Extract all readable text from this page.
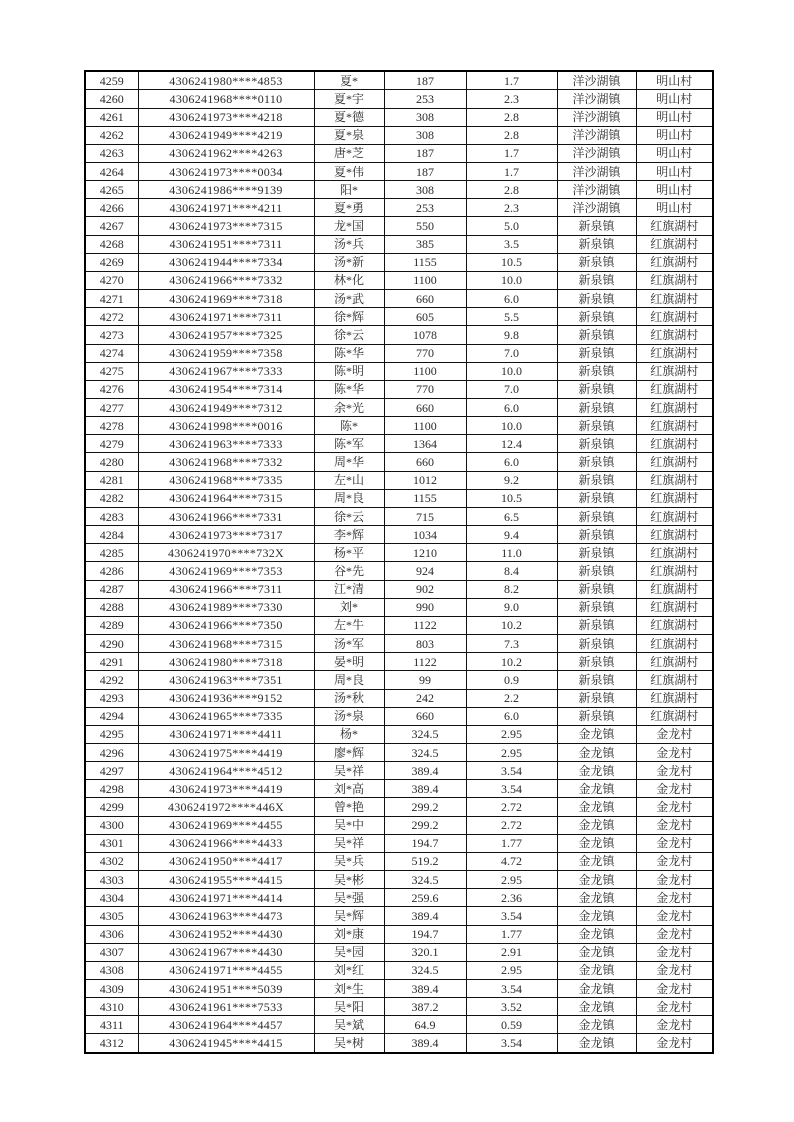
4259	4306241980****4853	夏*	187	1.7	洋沙湖镇	明山村
4260	4306241968****0110	夏*宇	253	2.3	洋沙湖镇	明山村
4261	4306241973****4218	夏*德	308	2.8	洋沙湖镇	明山村
4262	4306241949****4219	夏*泉	308	2.8	洋沙湖镇	明山村
4263	4306241962****4263	唐*芝	187	1.7	洋沙湖镇	明山村
4264	4306241973****0034	夏*伟	187	1.7	洋沙湖镇	明山村
4265	4306241986****9139	阳*	308	2.8	洋沙湖镇	明山村
4266	4306241971****4211	夏*勇	253	2.3	洋沙湖镇	明山村
4267	4306241973****7315	龙*国	550	5.0	新泉镇	红旗湖村
4268	4306241951****7311	汤*兵	385	3.5	新泉镇	红旗湖村
4269	4306241944****7334	汤*新	1155	10.5	新泉镇	红旗湖村
4270	4306241966****7332	林*化	1100	10.0	新泉镇	红旗湖村
4271	4306241969****7318	汤*武	660	6.0	新泉镇	红旗湖村
4272	4306241971****7311	徐*辉	605	5.5	新泉镇	红旗湖村
4273	4306241957****7325	徐*云	1078	9.8	新泉镇	红旗湖村
4274	4306241959****7358	陈*华	770	7.0	新泉镇	红旗湖村
4275	4306241967****7333	陈*明	1100	10.0	新泉镇	红旗湖村
4276	4306241954****7314	陈*华	770	7.0	新泉镇	红旗湖村
4277	4306241949****7312	余*光	660	6.0	新泉镇	红旗湖村
4278	4306241998****0016	陈*	1100	10.0	新泉镇	红旗湖村
4279	4306241963****7333	陈*军	1364	12.4	新泉镇	红旗湖村
4280	4306241968****7332	周*华	660	6.0	新泉镇	红旗湖村
4281	4306241968****7335	左*山	1012	9.2	新泉镇	红旗湖村
4282	4306241964****7315	周*良	1155	10.5	新泉镇	红旗湖村
4283	4306241966****7331	徐*云	715	6.5	新泉镇	红旗湖村
4284	4306241973****7317	李*辉	1034	9.4	新泉镇	红旗湖村
4285	4306241970****732X	杨*平	1210	11.0	新泉镇	红旗湖村
4286	4306241969****7353	谷*先	924	8.4	新泉镇	红旗湖村
4287	4306241966****7311	江*清	902	8.2	新泉镇	红旗湖村
4288	4306241989****7330	刘*	990	9.0	新泉镇	红旗湖村
4289	4306241966****7350	左*牛	1122	10.2	新泉镇	红旗湖村
4290	4306241968****7315	汤*军	803	7.3	新泉镇	红旗湖村
4291	4306241980****7318	晏*明	1122	10.2	新泉镇	红旗湖村
4292	4306241963****7351	周*良	99	0.9	新泉镇	红旗湖村
4293	4306241936****9152	汤*秋	242	2.2	新泉镇	红旗湖村
4294	4306241965****7335	汤*泉	660	6.0	新泉镇	红旗湖村
4295	4306241971****4411	杨*	324.5	2.95	金龙镇	金龙村
4296	4306241975****4419	廖*辉	324.5	2.95	金龙镇	金龙村
4297	4306241964****4512	吴*祥	389.4	3.54	金龙镇	金龙村
4298	4306241973****4419	刘*高	389.4	3.54	金龙镇	金龙村
4299	4306241972****446X	曾*艳	299.2	2.72	金龙镇	金龙村
4300	4306241969****4455	吴*中	299.2	2.72	金龙镇	金龙村
4301	4306241966****4433	吴*祥	194.7	1.77	金龙镇	金龙村
4302	4306241950****4417	吴*兵	519.2	4.72	金龙镇	金龙村
4303	4306241955****4415	吴*彬	324.5	2.95	金龙镇	金龙村
4304	4306241971****4414	吴*强	259.6	2.36	金龙镇	金龙村
4305	4306241963****4473	吴*辉	389.4	3.54	金龙镇	金龙村
4306	4306241952****4430	刘*康	194.7	1.77	金龙镇	金龙村
4307	4306241967****4430	吴*园	320.1	2.91	金龙镇	金龙村
4308	4306241971****4455	刘*红	324.5	2.95	金龙镇	金龙村
4309	4306241951****5039	刘*生	389.4	3.54	金龙镇	金龙村
4310	4306241961****7533	吴*阳	387.2	3.52	金龙镇	金龙村
4311	4306241964****4457	吴*斌	64.9	0.59	金龙镇	金龙村
4312	4306241945****4415	吴*树	389.4	3.54	金龙镇	金龙村
